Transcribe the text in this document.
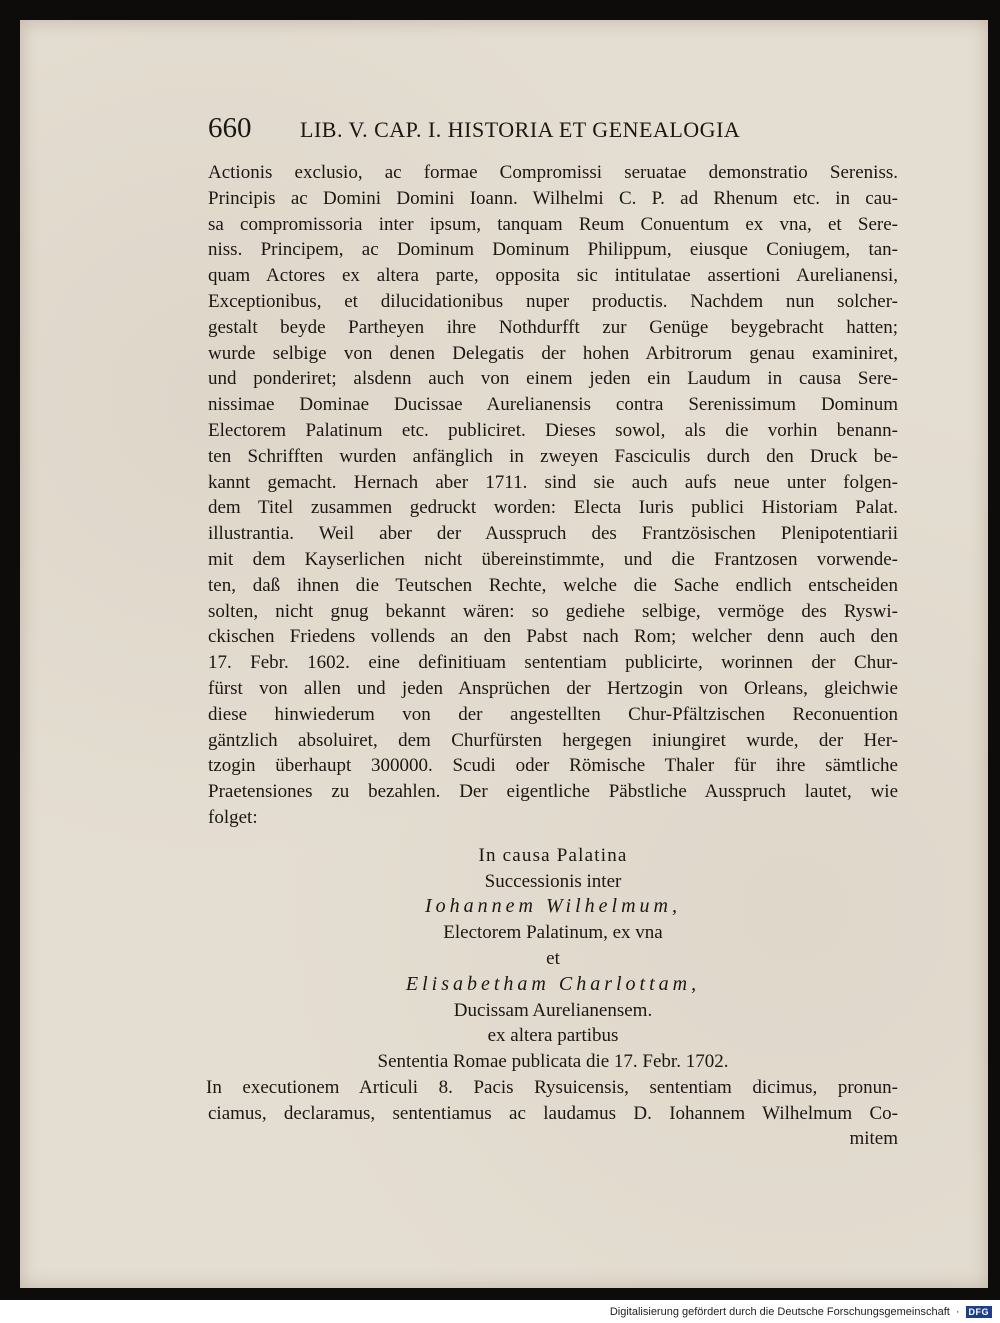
660	LIB. V. CAP. I. HISTORIA ET GENEALOGIA
Actionis exclusio, ac formae Compromissi seruatae demonstratio Sereniss.
Principis ac Domini Domini Ioann. Wilhelmi C. P. ad Rhenum etc. in cau-
sa compromissoria inter ipsum, tanquam Reum Conuentum ex vna, et Sere-
niss. Principem, ac Dominum Dominum Philippum, eiusque Coniugem, tan-
quam Actores ex altera parte, opposita sic intitulatae assertioni Aurelianensi,
Exceptionibus, et dilucidationibus nuper productis. Nachdem nun solcher-
gestalt beyde Partheyen ihre Nothdurfft zur Genüge beygebracht hatten;
wurde selbige von denen Delegatis der hohen Arbitrorum genau examiniret,
und ponderiret; alsdenn auch von einem jeden ein Laudum in causa Sere-
nissimae Dominae Ducissae Aurelianensis contra Serenissimum Dominum
Electorem Palatinum etc. publiciret. Dieses sowol, als die vorhin benann-
ten Schrifften wurden anfänglich in zweyen Fasciculis durch den Druck be-
kannt gemacht. Hernach aber 1711. sind sie auch aufs neue unter folgen-
dem Titel zusammen gedruckt worden: Electa Iuris publici Historiam Palat.
illustrantia. Weil aber der Ausspruch des Frantzösischen Plenipotentiarii
mit dem Kayserlichen nicht übereinstimmte, und die Frantzosen vorwende-
ten, daß ihnen die Teutschen Rechte, welche die Sache endlich entscheiden
solten, nicht gnug bekannt wären: so gediehe selbige, vermöge des Ryswi-
ckischen Friedens vollends an den Pabst nach Rom; welcher denn auch den
17. Febr. 1602. eine definitiuam sententiam publicirte, worinnen der Chur-
fürst von allen und jeden Ansprüchen der Hertzogin von Orleans, gleichwie
diese hinwiederum von der angestellten Chur-Pfältzischen Reconuention
gäntzlich absoluiret, dem Churfürsten hergegen iniungiret wurde, der Her-
tzogin überhaupt 300000. Scudi oder Römische Thaler für ihre sämtliche
Praetensiones zu bezahlen. Der eigentliche Päbstliche Ausspruch lautet, wie
folget:
In causa Palatina
Successionis inter
Iohannem Wilhelmum,
Electorem Palatinum, ex vna
et
Elisabetham Charlottam,
Ducissam Aurelianensem.
ex altera partibus
Sententia Romae publicata die 17. Febr. 1702.
In executionem Articuli 8. Pacis Rysuicensis, sententiam dicimus, pronun-
ciamus, declaramus, sententiamus ac laudamus D. Iohannem Wilhelmum Co-
mitem
Digitalisierung gefördert durch die Deutsche Forschungsgemeinschaft ·	DFG
